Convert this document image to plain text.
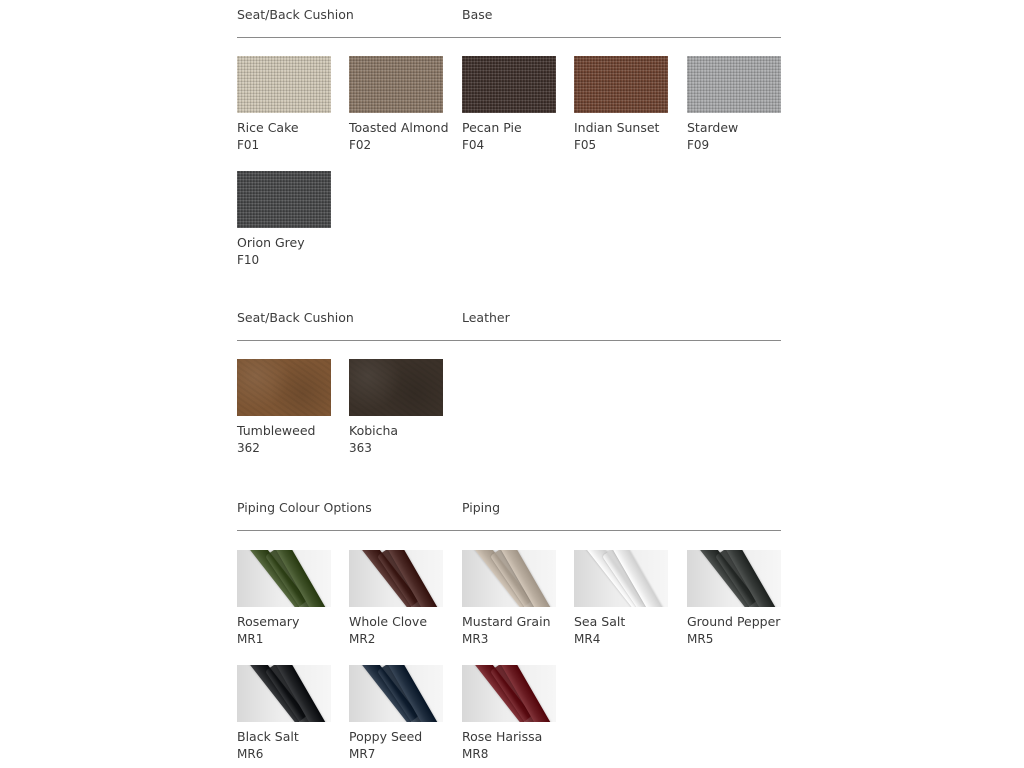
Seat/Back Cushion	Base
Rice Cake
F01
Toasted Almond
F02
Pecan Pie
F04
Indian Sunset
F05
Stardew
F09
Orion Grey
F10
Seat/Back Cushion	Leather
Tumbleweed
362
Kobicha
363
Piping Colour Options	Piping
Rosemary
MR1
Whole Clove
MR2
Mustard Grain
MR3
Sea Salt
MR4
Ground Pepper
MR5
Black Salt
MR6
Poppy Seed
MR7
Rose Harissa
MR8
